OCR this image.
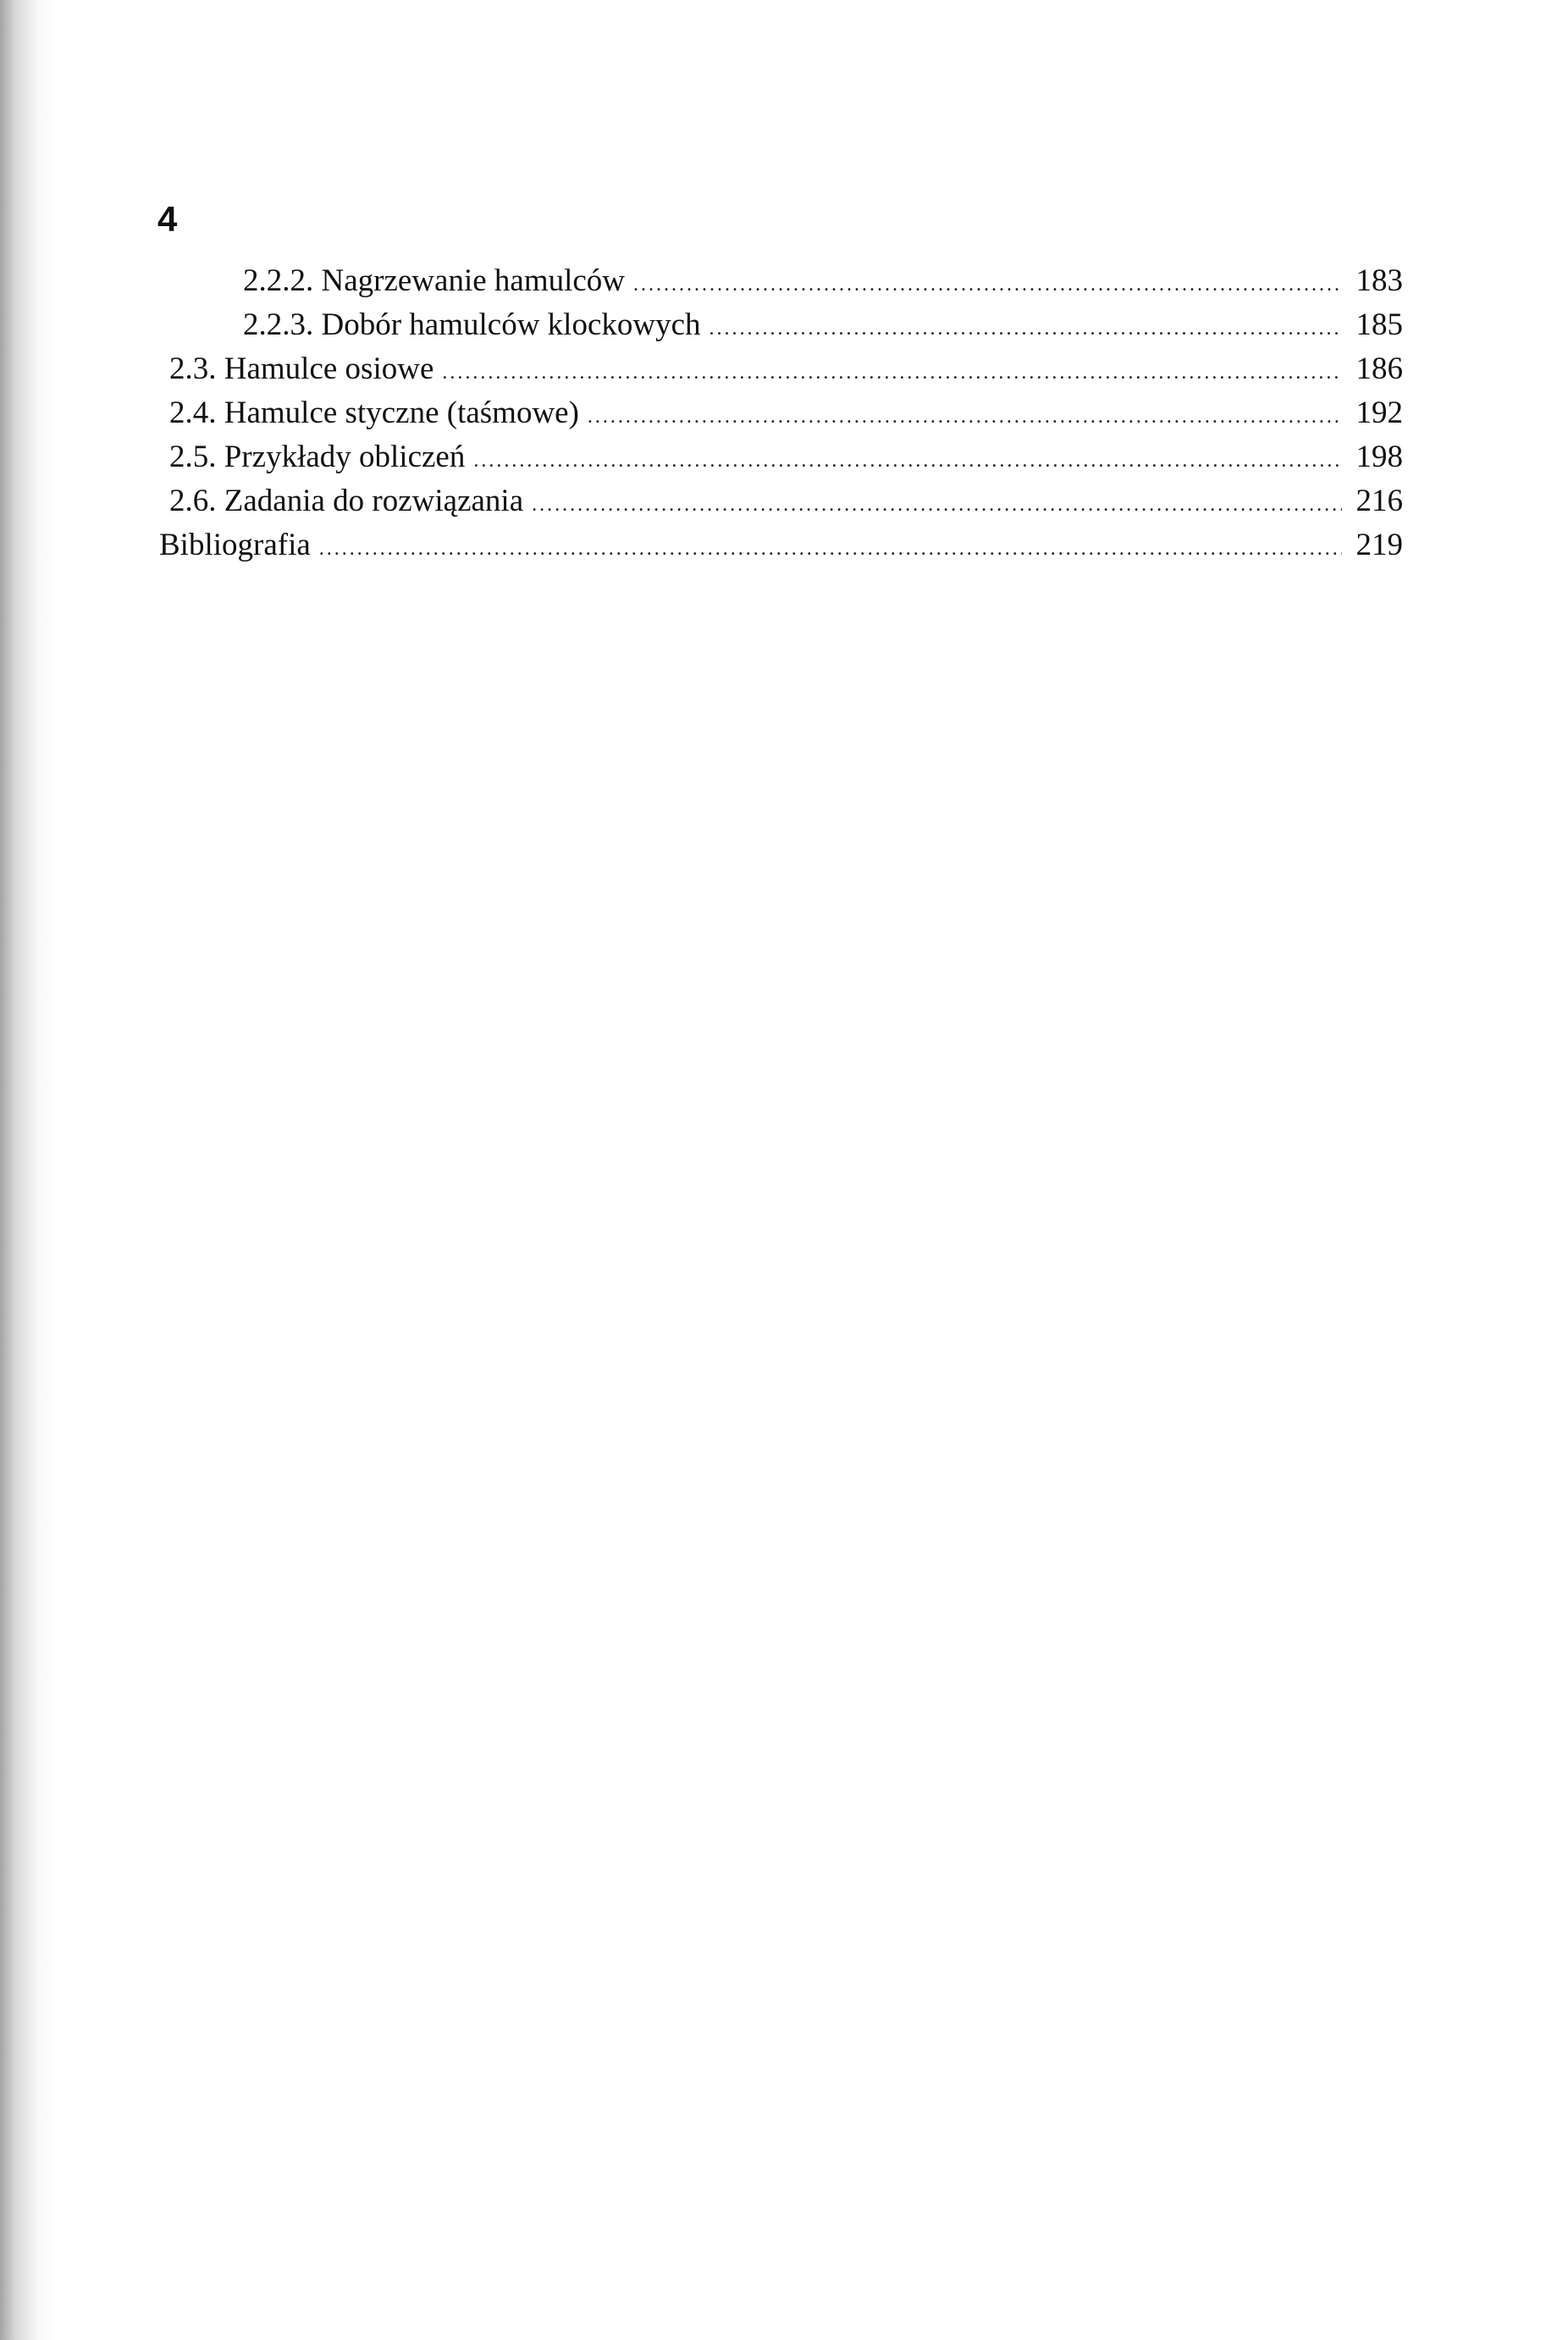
4
2.2.2. Nagrzewanie hamulców .....	183
2.2.3. Dobór hamulców klockowych .....	185
2.3. Hamulce osiowe .....	186
2.4. Hamulce styczne (taśmowe) .....	192
2.5. Przykłady obliczeń .....	198
2.6. Zadania do rozwiązania .....	216
Bibliografia .....	219
